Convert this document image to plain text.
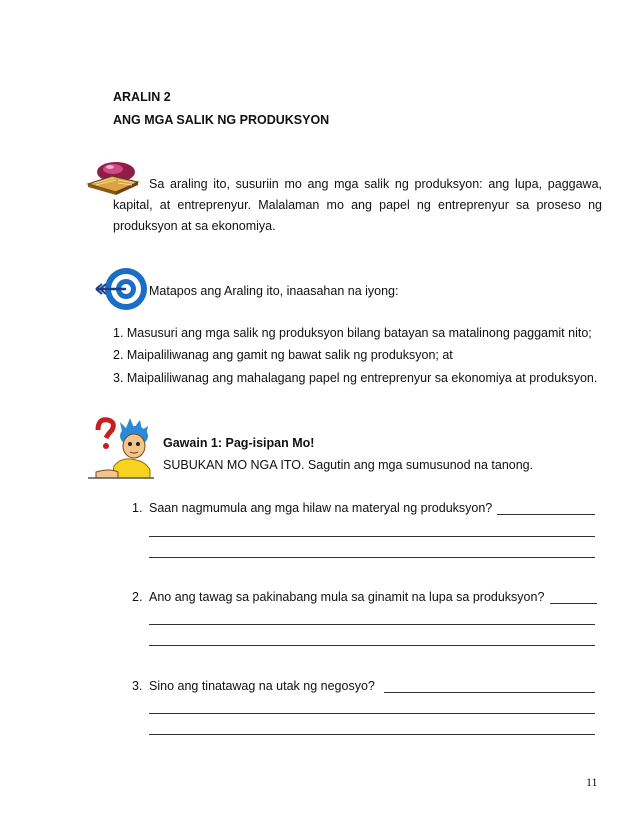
ARALIN 2
ANG MGA SALIK NG PRODUKSYON
Sa araling ito, susuriin mo ang mga salik ng produksyon: ang lupa, paggawa, kapital, at entreprenyur. Malalaman mo ang papel ng entreprenyur sa proseso ng produksyon at sa ekonomiya.
Matapos ang Araling ito, inaasahan na iyong:
1. Masusuri ang mga salik ng produksyon bilang batayan sa matalinong paggamit nito;
2. Maipaliliwanag ang gamit ng bawat salik ng produksyon; at
3. Maipaliliwanag ang mahalagang papel ng entreprenyur sa ekonomiya at produksyon.
Gawain 1: Pag-isipan Mo!
SUBUKAN MO NGA ITO. Sagutin ang mga sumusunod na tanong.
1. Saan nagmumula ang mga hilaw na materyal ng produksyon?
2. Ano ang tawag sa pakinabang mula sa ginamit na lupa sa produksyon?
3. Sino ang tinatawag na utak ng negosyo?
11
